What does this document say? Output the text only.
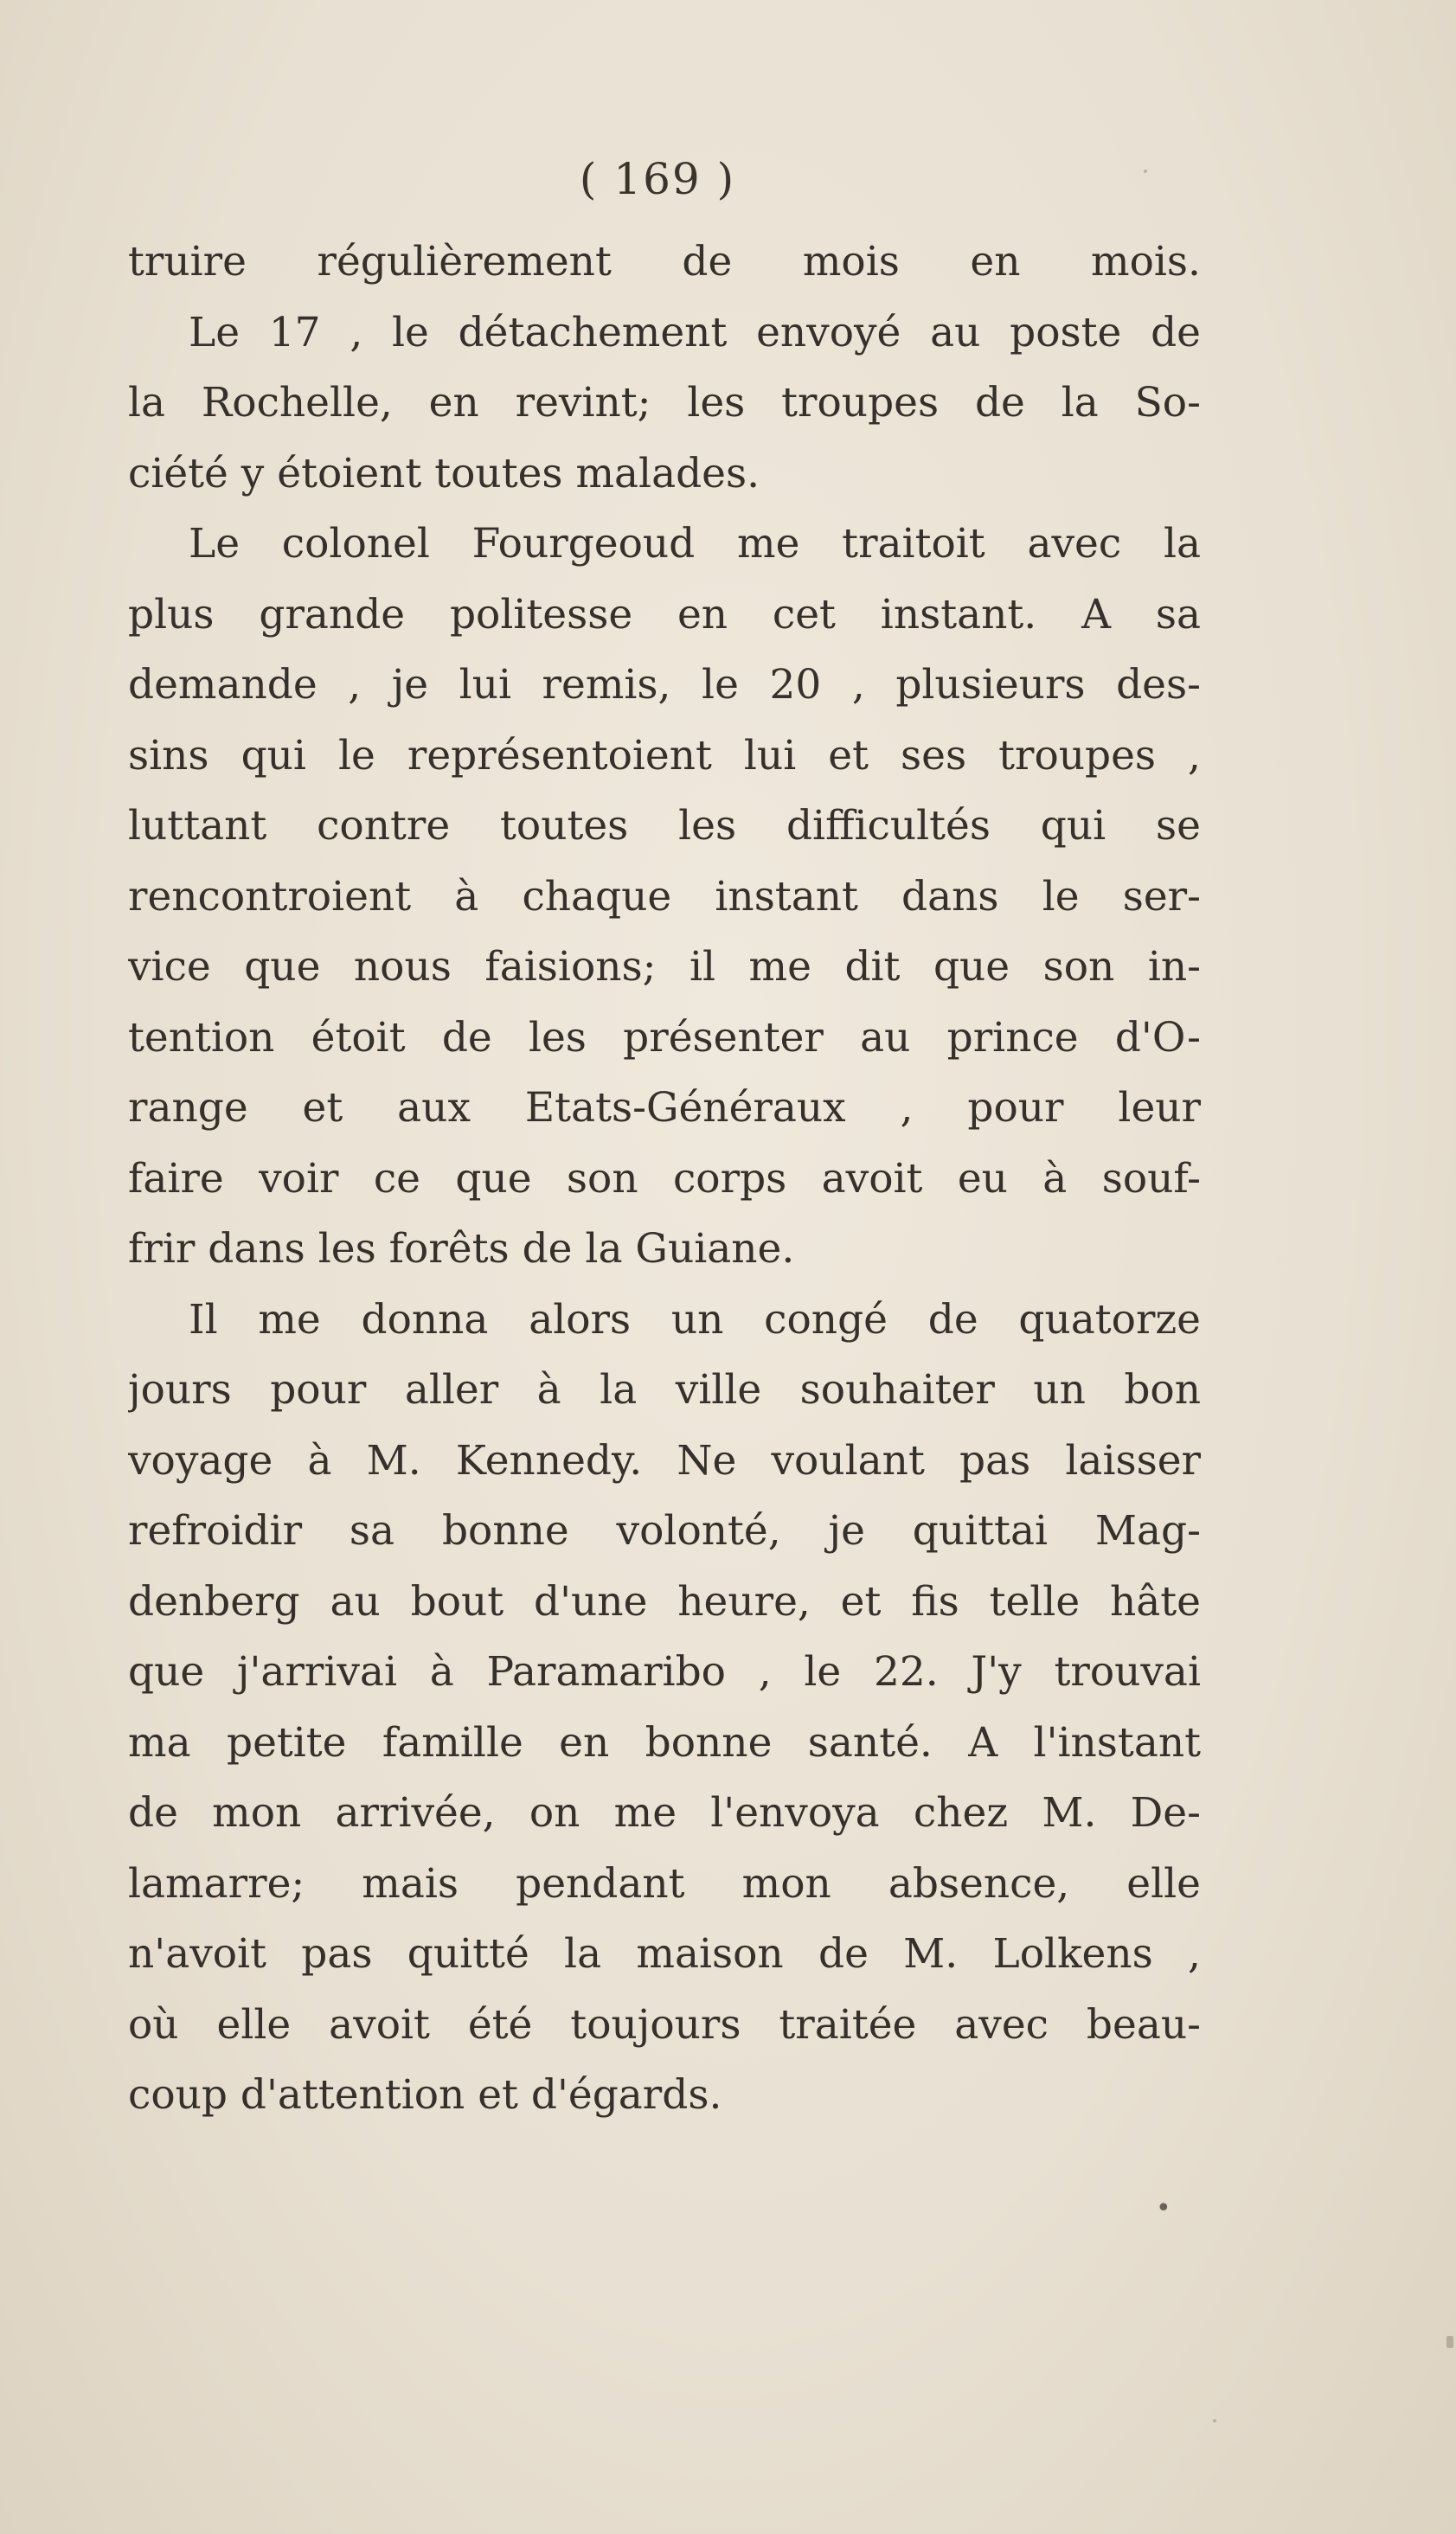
( 169 )
truire régulièrement de mois en mois.
Le 17 , le détachement envoyé au poste de
la Rochelle, en revint; les troupes de la So-
ciété y étoient toutes malades.
Le colonel Fourgeoud me traitoit avec la
plus grande politesse en cet instant. A sa
demande , je lui remis, le 20 , plusieurs des-
sins qui le représentoient lui et ses troupes ,
luttant contre toutes les difficultés qui se
rencontroient à chaque instant dans le ser-
vice que nous faisions; il me dit que son in-
tention étoit de les présenter au prince d'O-
range et aux Etats-Généraux , pour leur
faire voir ce que son corps avoit eu à souf-
frir dans les forêts de la Guiane.
Il me donna alors un congé de quatorze
jours pour aller à la ville souhaiter un bon
voyage à M. Kennedy. Ne voulant pas laisser
refroidir sa bonne volonté, je quittai Mag-
denberg au bout d'une heure, et fis telle hâte
que j'arrivai à Paramaribo , le 22. J'y trouvai
ma petite famille en bonne santé. A l'instant
de mon arrivée, on me l'envoya chez M. De-
lamarre; mais pendant mon absence, elle
n'avoit pas quitté la maison de M. Lolkens ,
où elle avoit été toujours traitée avec beau-
coup d'attention et d'égards.
•
